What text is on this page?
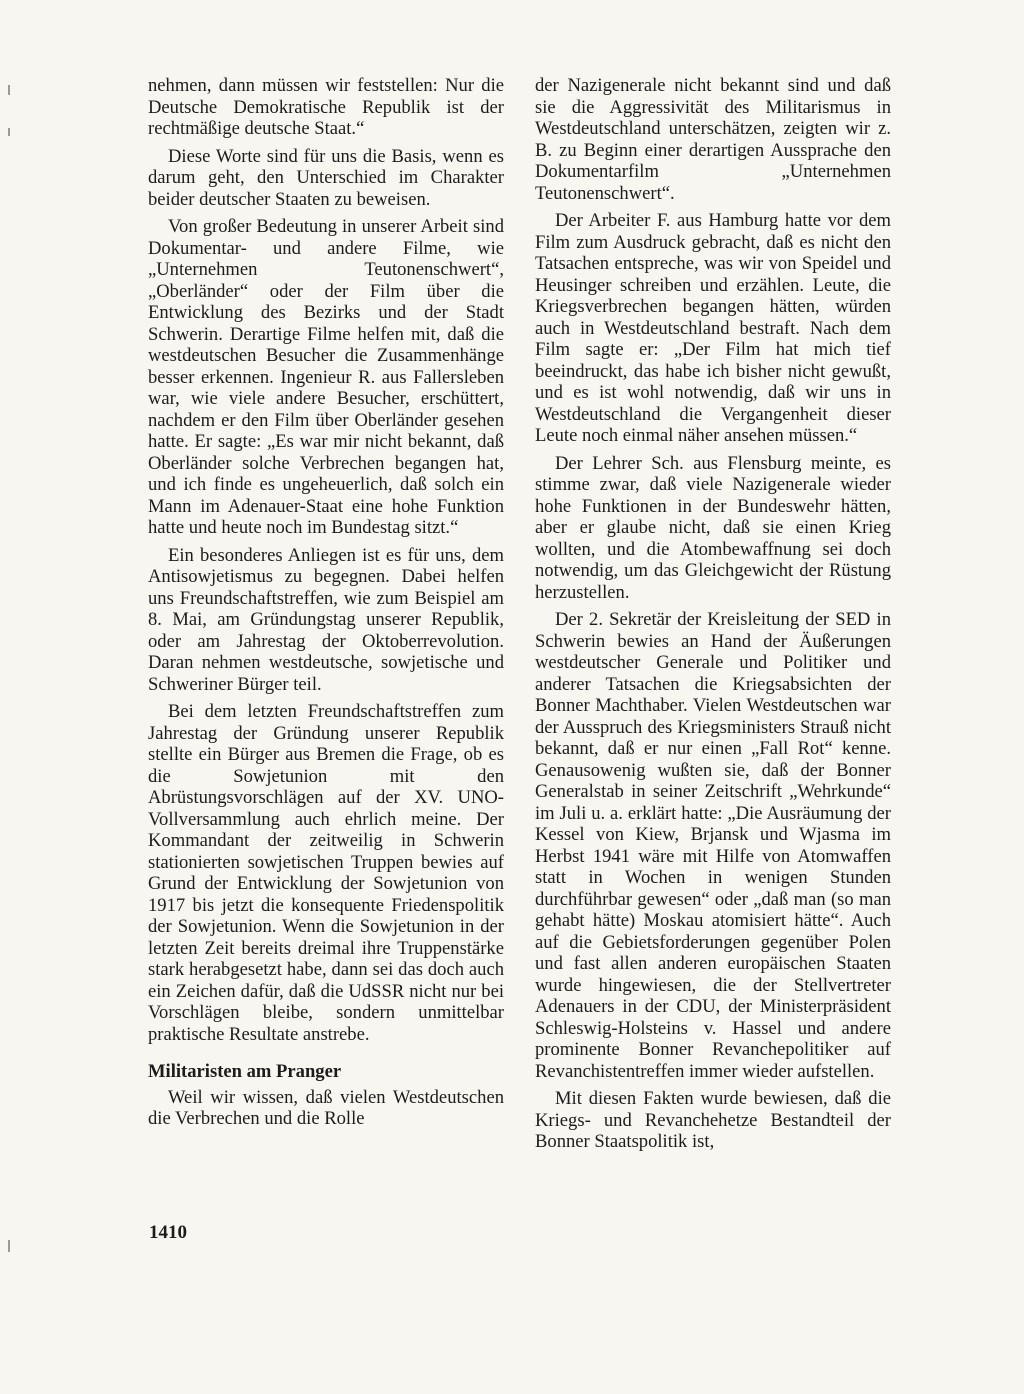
nehmen, dann müssen wir feststellen: Nur die Deutsche Demokratische Republik ist der rechtmäßige deutsche Staat.“

Diese Worte sind für uns die Basis, wenn es darum geht, den Unterschied im Charakter beider deutscher Staaten zu beweisen.

Von großer Bedeutung in unserer Arbeit sind Dokumentar- und andere Filme, wie „Unternehmen Teutonenschwert“, „Oberländer“ oder der Film über die Entwicklung des Bezirks und der Stadt Schwerin. Derartige Filme helfen mit, daß die westdeutschen Besucher die Zusammenhänge besser erkennen. Ingenieur R. aus Fallersleben war, wie viele andere Besucher, erschüttert, nachdem er den Film über Oberländer gesehen hatte. Er sagte: „Es war mir nicht bekannt, daß Oberländer solche Verbrechen begangen hat, und ich finde es ungeheuerlich, daß solch ein Mann im Adenauer-Staat eine hohe Funktion hatte und heute noch im Bundestag sitzt.“

Ein besonderes Anliegen ist es für uns, dem Antisowjetismus zu begegnen. Dabei helfen uns Freundschaftstreffen, wie zum Beispiel am 8. Mai, am Gründungstag unserer Republik, oder am Jahrestag der Oktoberrevolution. Daran nehmen westdeutsche, sowjetische und Schweriner Bürger teil.

Bei dem letzten Freundschaftstreffen zum Jahrestag der Gründung unserer Republik stellte ein Bürger aus Bremen die Frage, ob es die Sowjetunion mit den Abrüstungsvorschlägen auf der XV. UNO-Vollversammlung auch ehrlich meine. Der Kommandant der zeitweilig in Schwerin stationierten sowjetischen Truppen bewies auf Grund der Entwicklung der Sowjetunion von 1917 bis jetzt die konsequente Friedenspolitik der Sowjetunion. Wenn die Sowjetunion in der letzten Zeit bereits dreimal ihre Truppenstärke stark herabgesetzt habe, dann sei das doch auch ein Zeichen dafür, daß die UdSSR nicht nur bei Vorschlägen bleibe, sondern unmittelbar praktische Resultate anstrebe.

Militaristen am Pranger

Weil wir wissen, daß vielen Westdeutschen die Verbrechen und die Rolle

der Nazigenerale nicht bekannt sind und daß sie die Aggressivität des Militarismus in Westdeutschland unterschätzen, zeigten wir z. B. zu Beginn einer derartigen Aussprache den Dokumentarfilm „Unternehmen Teutonenschwert“.

Der Arbeiter F. aus Hamburg hatte vor dem Film zum Ausdruck gebracht, daß es nicht den Tatsachen entspreche, was wir von Speidel und Heusinger schreiben und erzählen. Leute, die Kriegsverbrechen begangen hätten, würden auch in Westdeutschland bestraft. Nach dem Film sagte er: „Der Film hat mich tief beeindruckt, das habe ich bisher nicht gewußt, und es ist wohl notwendig, daß wir uns in Westdeutschland die Vergangenheit dieser Leute noch einmal näher ansehen müssen.“

Der Lehrer Sch. aus Flensburg meinte, es stimme zwar, daß viele Nazigenerale wieder hohe Funktionen in der Bundeswehr hätten, aber er glaube nicht, daß sie einen Krieg wollten, und die Atombewaffnung sei doch notwendig, um das Gleichgewicht der Rüstung herzustellen.

Der 2. Sekretär der Kreisleitung der SED in Schwerin bewies an Hand der Äußerungen westdeutscher Generale und Politiker und anderer Tatsachen die Kriegsabsichten der Bonner Machthaber. Vielen Westdeutschen war der Ausspruch des Kriegsministers Strauß nicht bekannt, daß er nur einen „Fall Rot“ kenne. Genausowenig wußten sie, daß der Bonner Generalstab in seiner Zeitschrift „Wehrkunde“ im Juli u. a. erklärt hatte: „Die Ausräumung der Kessel von Kiew, Brjansk und Wjasma im Herbst 1941 wäre mit Hilfe von Atomwaffen statt in Wochen in wenigen Stunden durchführbar gewesen“ oder „daß man (so man gehabt hätte) Moskau atomisiert hätte“. Auch auf die Gebietsforderungen gegenüber Polen und fast allen anderen europäischen Staaten wurde hingewiesen, die der Stellvertreter Adenauers in der CDU, der Ministerpräsident Schleswig-Holsteins v. Hassel und andere prominente Bonner Revanchepolitiker auf Revanchistentreffen immer wieder aufstellen.

Mit diesen Fakten wurde bewiesen, daß die Kriegs- und Revanchehetze Bestandteil der Bonner Staatspolitik ist,

1410
